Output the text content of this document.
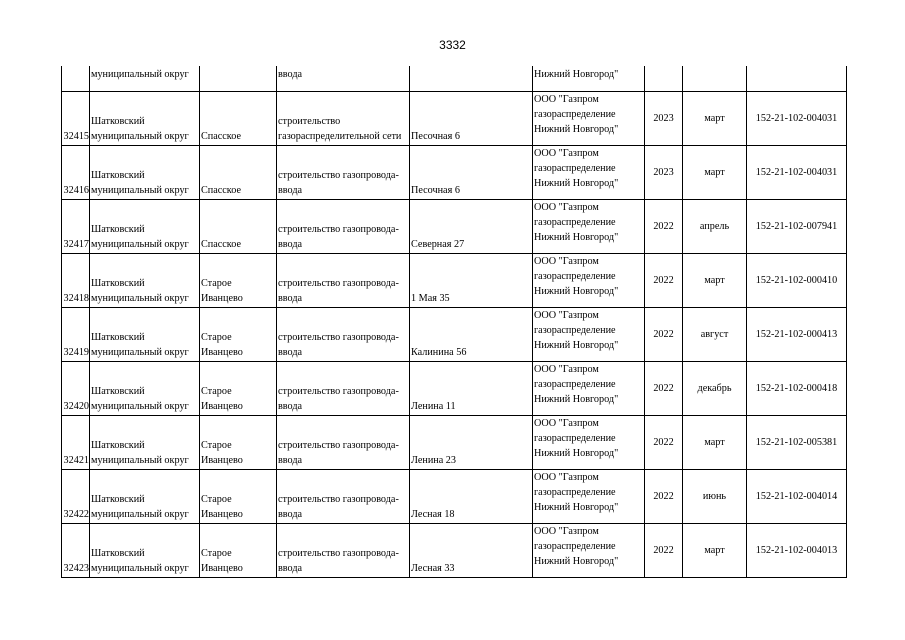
3332
	муниципальный округ		ввода		Нижний Новгород"			
32415	Шатковский муниципальный округ	Спасское	строительство газораспределительной сети	Песочная 6	ООО "Газпром газораспределение Нижний Новгород"	2023	март	152-21-102-004031
32416	Шатковский муниципальный округ	Спасское	строительство газопровода-ввода	Песочная 6	ООО "Газпром газораспределение Нижний Новгород"	2023	март	152-21-102-004031
32417	Шатковский муниципальный округ	Спасское	строительство газопровода-ввода	Северная 27	ООО "Газпром газораспределение Нижний Новгород"	2022	апрель	152-21-102-007941
32418	Шатковский муниципальный округ	Старое Иванцево	строительство газопровода-ввода	1 Мая 35	ООО "Газпром газораспределение Нижний Новгород"	2022	март	152-21-102-000410
32419	Шатковский муниципальный округ	Старое Иванцево	строительство газопровода-ввода	Калинина 56	ООО "Газпром газораспределение Нижний Новгород"	2022	август	152-21-102-000413
32420	Шатковский муниципальный округ	Старое Иванцево	строительство газопровода-ввода	Ленина 11	ООО "Газпром газораспределение Нижний Новгород"	2022	декабрь	152-21-102-000418
32421	Шатковский муниципальный округ	Старое Иванцево	строительство газопровода-ввода	Ленина 23	ООО "Газпром газораспределение Нижний Новгород"	2022	март	152-21-102-005381
32422	Шатковский муниципальный округ	Старое Иванцево	строительство газопровода-ввода	Лесная 18	ООО "Газпром газораспределение Нижний Новгород"	2022	июнь	152-21-102-004014
32423	Шатковский муниципальный округ	Старое Иванцево	строительство газопровода-ввода	Лесная 33	ООО "Газпром газораспределение Нижний Новгород"	2022	март	152-21-102-004013
